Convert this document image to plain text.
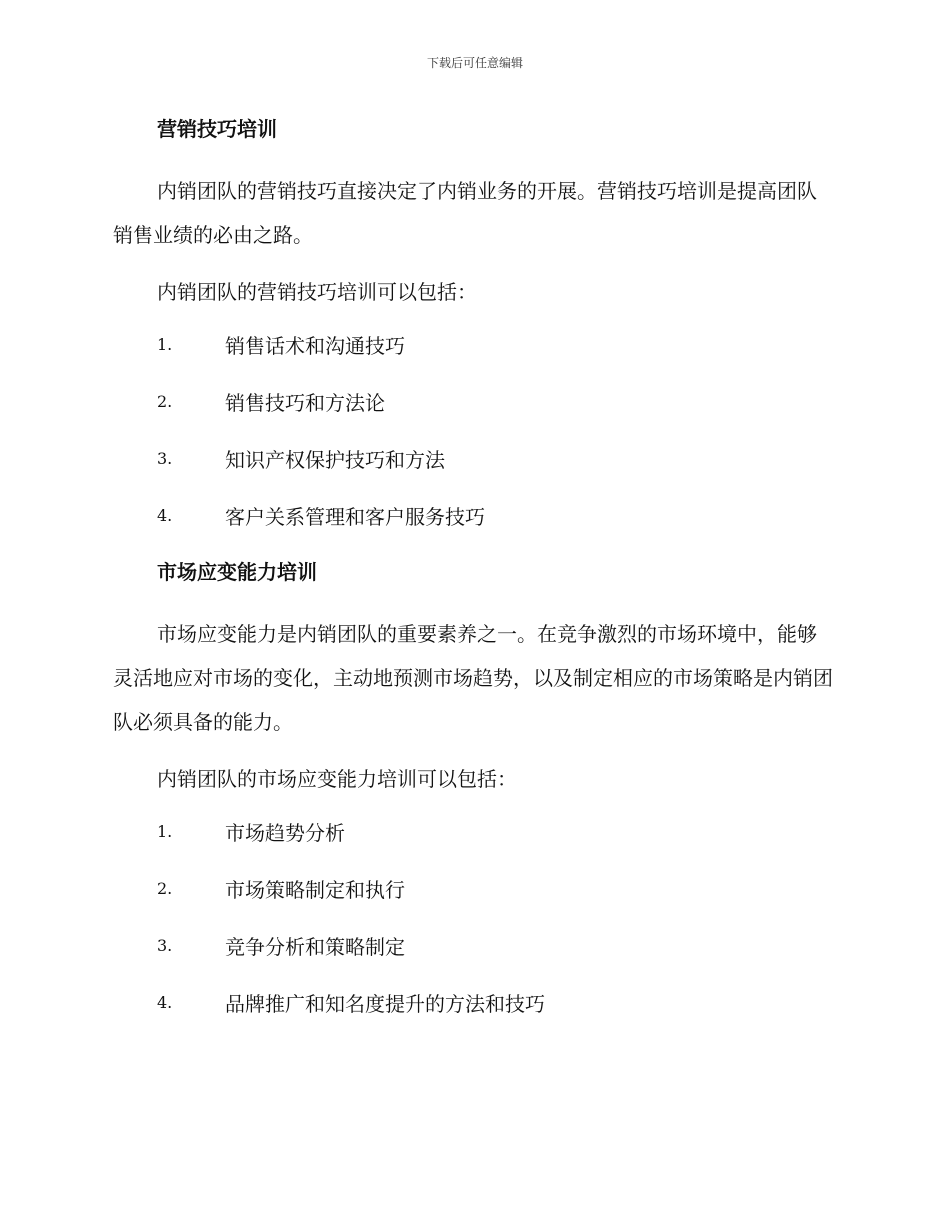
下载后可任意编辑
营销技巧培训

内销团队的营销技巧直接决定了内销业务的开展。营销技巧培训是提高团队销售业绩的必由之路。

内销团队的营销技巧培训可以包括：

1.	销售话术和沟通技巧
2.	销售技巧和方法论
3.	知识产权保护技巧和方法
4.	客户关系管理和客户服务技巧
市场应变能力培训

市场应变能力是内销团队的重要素养之一。在竞争激烈的市场环境中，能够灵活地应对市场的变化，主动地预测市场趋势，以及制定相应的市场策略是内销团队必须具备的能力。

内销团队的市场应变能力培训可以包括：

1.	市场趋势分析
2.	市场策略制定和执行
3.	竞争分析和策略制定
4.	品牌推广和知名度提升的方法和技巧
